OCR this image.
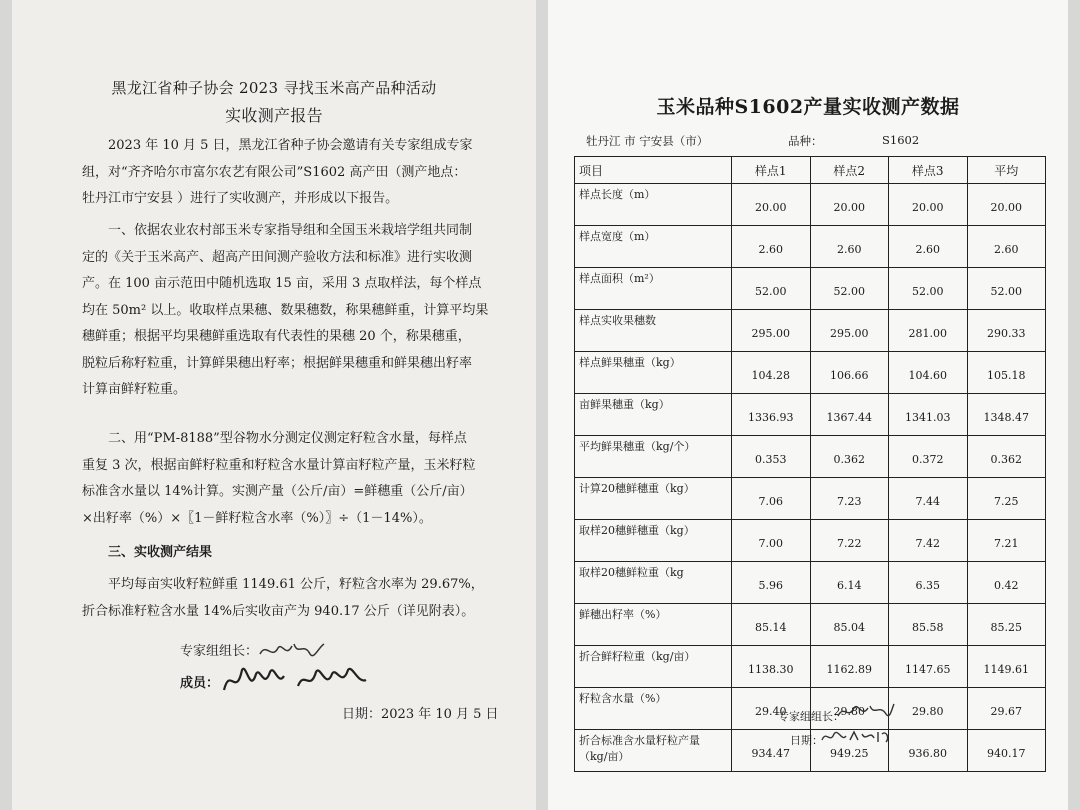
黑龙江省种子协会 2023 寻找玉米高产品种活动
实收测产报告
2023 年 10 月 5 日，黑龙江省种子协会邀请有关专家组成专家
组，对“齐齐哈尔市富尔农艺有限公司”S1602 高产田（测产地点：
牡丹江市宁安县 ）进行了实收测产，并形成以下报告。
一、依据农业农村部玉米专家指导组和全国玉米栽培学组共同制
定的《关于玉米高产、超高产田间测产验收方法和标准》进行实收测
产。在 100 亩示范田中随机选取 15 亩，采用 3 点取样法，每个样点
均在 50m² 以上。收取样点果穗、数果穗数，称果穗鲜重，计算平均果
穗鲜重；根据平均果穗鲜重选取有代表性的果穗 20 个，称果穗重，
脱粒后称籽粒重，计算鲜果穗出籽率；根据鲜果穗重和鲜果穗出籽率
计算亩鲜籽粒重。
二、用“PM-8188”型谷物水分测定仪测定籽粒含水量，每样点
重复 3 次，根据亩鲜籽粒重和籽粒含水量计算亩籽粒产量，玉米籽粒
标准含水量以 14%计算。实测产量（公斤/亩）=鲜穗重（公斤/亩）
×出籽率（%）×〖1－鲜籽粒含水率（%）〗÷（1－14%）。
三、实收测产结果
平均每亩实收籽粒鲜重 1149.61 公斤，籽粒含水率为 29.67%，
折合标准籽粒含水量 14%后实收亩产为 940.17 公斤（详见附表）。
专家组组长：
成员：
日期：2023 年 10 月 5 日
玉米品种S1602产量实收测产数据
牡丹江 市 宁安县（市）	品种：	S1602
项目	样点1	样点2	样点3	平均
样点长度（m）	20.00	20.00	20.00	20.00
样点宽度（m）	2.60	2.60	2.60	2.60
样点面积（m²）	52.00	52.00	52.00	52.00
样点实收果穗数	295.00	295.00	281.00	290.33
样点鲜果穗重（kg）	104.28	106.66	104.60	105.18
亩鲜果穗重（kg）	1336.93	1367.44	1341.03	1348.47
平均鲜果穗重（kg/个）	0.353	0.362	0.372	0.362
计算20穗鲜穗重（kg）	7.06	7.23	7.44	7.25
取样20穗鲜穗重（kg）	7.00	7.22	7.42	7.21
取样20穗鲜粒重（kg	5.96	6.14	6.35	0.42
鲜穗出籽率（%）	85.14	85.04	85.58	85.25
折合鲜籽粒重（kg/亩）	1138.30	1162.89	1147.65	1149.61
籽粒含水量（%）	29.40	29.80	29.80	29.67
折合标准含水量籽粒产量（kg/亩）	934.47	949.25	936.80	940.17
专家组组长：
日期：
